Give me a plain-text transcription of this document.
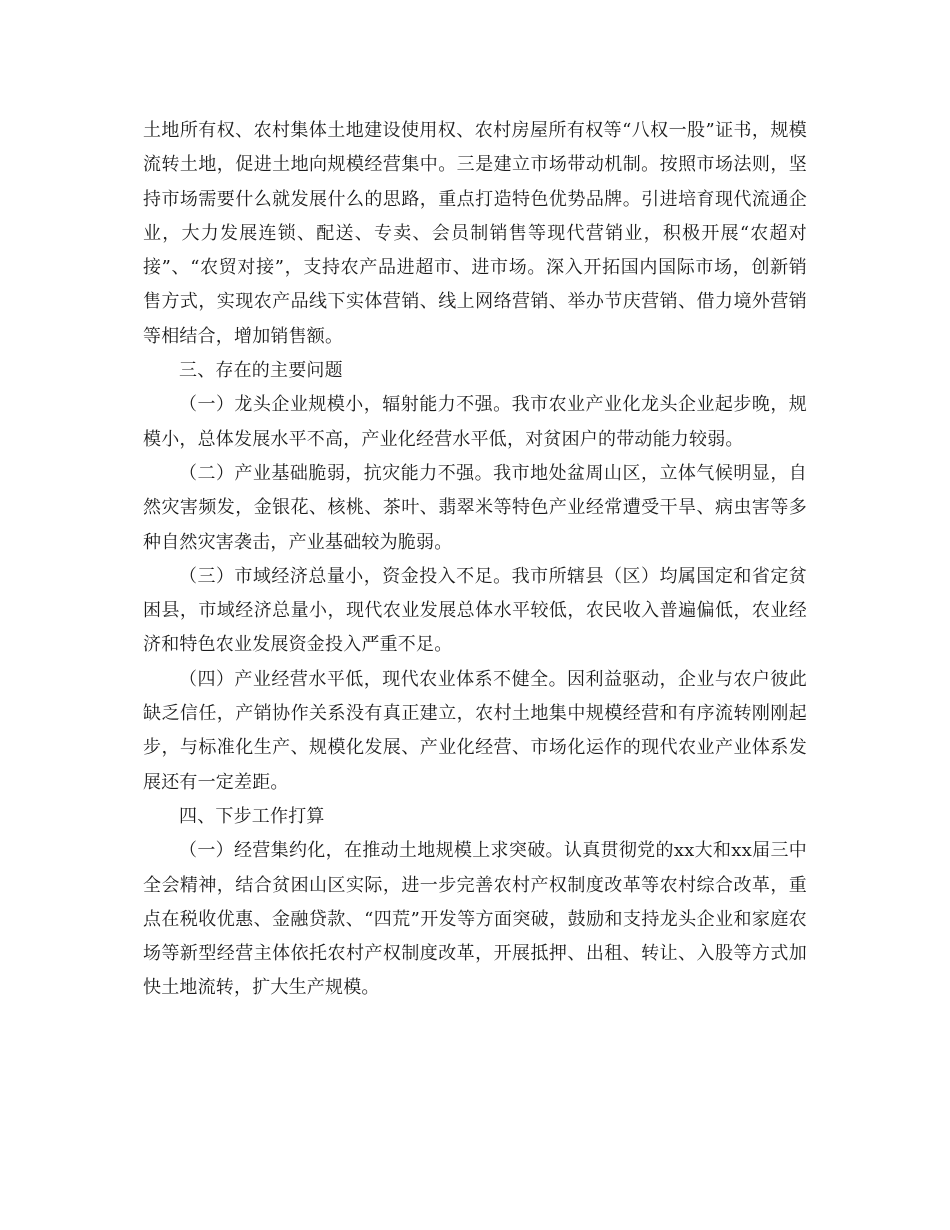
土地所有权、农村集体土地建设使用权、农村房屋所有权等“八权一股”证书，规模流转土地，促进土地向规模经营集中。三是建立市场带动机制。按照市场法则，坚持市场需要什么就发展什么的思路，重点打造特色优势品牌。引进培育现代流通企业，大力发展连锁、配送、专卖、会员制销售等现代营销业，积极开展“农超对接”、“农贸对接”，支持农产品进超市、进市场。深入开拓国内国际市场，创新销售方式，实现农产品线下实体营销、线上网络营销、举办节庆营销、借力境外营销等相结合，增加销售额。

三、存在的主要问题

（一）龙头企业规模小，辐射能力不强。我市农业产业化龙头企业起步晚，规模小，总体发展水平不高，产业化经营水平低，对贫困户的带动能力较弱。

（二）产业基础脆弱，抗灾能力不强。我市地处盆周山区，立体气候明显，自然灾害频发，金银花、核桃、茶叶、翡翠米等特色产业经常遭受干旱、病虫害等多种自然灾害袭击，产业基础较为脆弱。

（三）市域经济总量小，资金投入不足。我市所辖县（区）均属国定和省定贫困县，市域经济总量小，现代农业发展总体水平较低，农民收入普遍偏低，农业经济和特色农业发展资金投入严重不足。

（四）产业经营水平低，现代农业体系不健全。因利益驱动，企业与农户彼此缺乏信任，产销协作关系没有真正建立，农村土地集中规模经营和有序流转刚刚起步，与标准化生产、规模化发展、产业化经营、市场化运作的现代农业产业体系发展还有一定差距。

四、下步工作打算

（一）经营集约化，在推动土地规模上求突破。认真贯彻党的xx大和xx届三中全会精神，结合贫困山区实际，进一步完善农村产权制度改革等农村综合改革，重点在税收优惠、金融贷款、“四荒”开发等方面突破，鼓励和支持龙头企业和家庭农场等新型经营主体依托农村产权制度改革，开展抵押、出租、转让、入股等方式加快土地流转，扩大生产规模。
